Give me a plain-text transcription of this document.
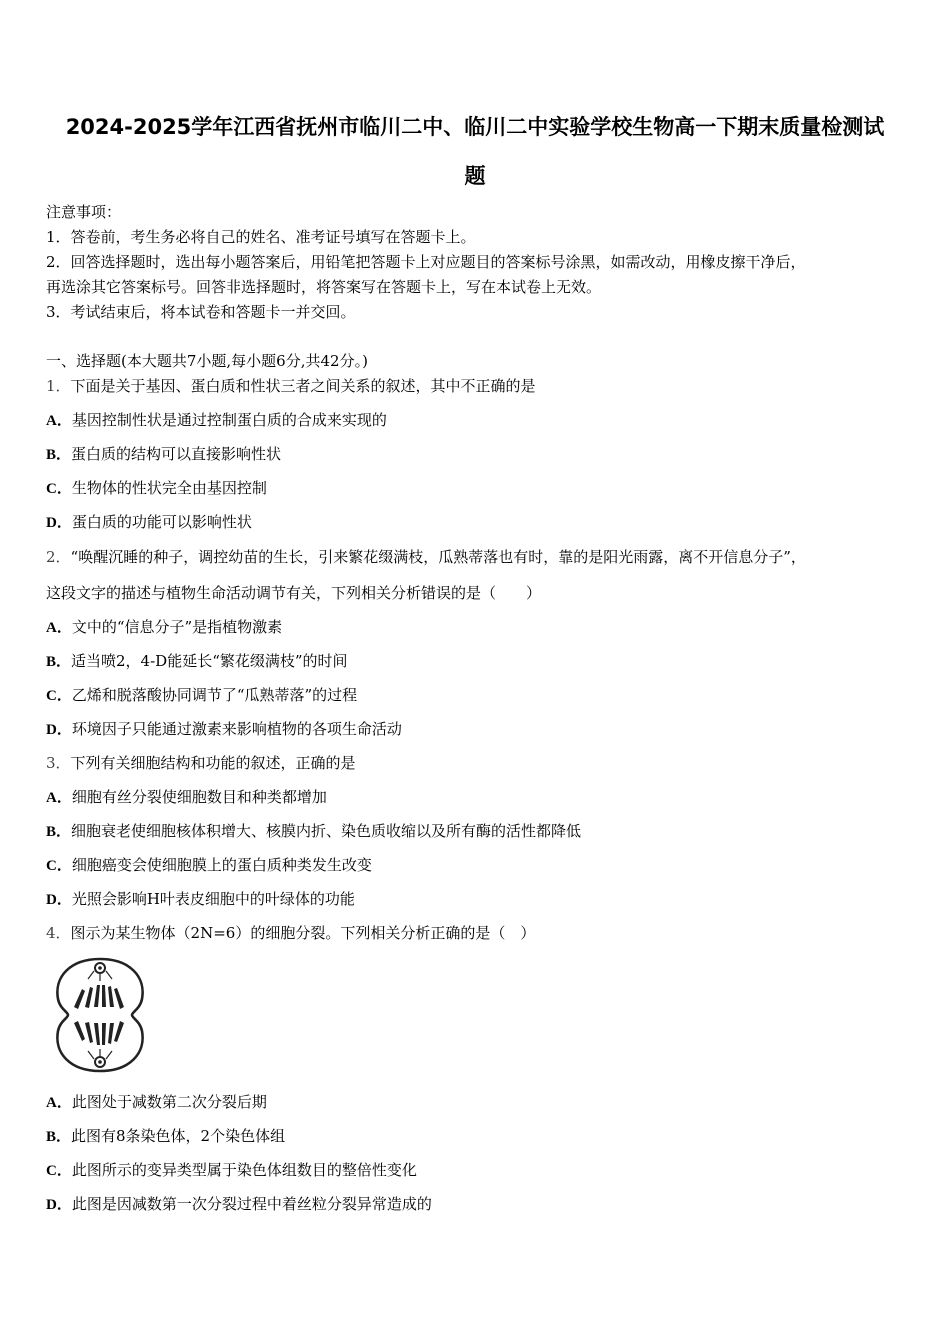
2024-2025学年江西省抚州市临川二中、临川二中实验学校生物高一下期末质量检测试
题
注意事项：
1．答卷前，考生务必将自己的姓名、准考证号填写在答题卡上。
2．回答选择题时，选出每小题答案后，用铅笔把答题卡上对应题目的答案标号涂黑，如需改动，用橡皮擦干净后，
再选涂其它答案标号。回答非选择题时，将答案写在答题卡上，写在本试卷上无效。
3．考试结束后，将本试卷和答题卡一并交回。
一、选择题(本大题共7小题,每小题6分,共42分。)
1．下面是关于基因、蛋白质和性状三者之间关系的叙述，其中不正确的是
A．基因控制性状是通过控制蛋白质的合成来实现的
B．蛋白质的结构可以直接影响性状
C．生物体的性状完全由基因控制
D．蛋白质的功能可以影响性状
2．“唤醒沉睡的种子，调控幼苗的生长，引来繁花缀满枝，瓜熟蒂落也有时，靠的是阳光雨露，离不开信息分子”，
这段文字的描述与植物生命活动调节有关，下列相关分析错误的是（　　）
A．文中的“信息分子”是指植物激素
B．适当喷2，4-D能延长“繁花缀满枝”的时间
C．乙烯和脱落酸协同调节了“瓜熟蒂落”的过程
D．环境因子只能通过激素来影响植物的各项生命活动
3．下列有关细胞结构和功能的叙述，正确的是
A．细胞有丝分裂使细胞数目和种类都增加
B．细胞衰老使细胞核体积增大、核膜内折、染色质收缩以及所有酶的活性都降低
C．细胞癌变会使细胞膜上的蛋白质种类发生改变
D．光照会影响H叶表皮细胞中的叶绿体的功能
4．图示为某生物体（2N=6）的细胞分裂。下列相关分析正确的是（　）
A．此图处于减数第二次分裂后期
B．此图有8条染色体，2个染色体组
C．此图所示的变异类型属于染色体组数目的整倍性变化
D．此图是因减数第一次分裂过程中着丝粒分裂异常造成的
